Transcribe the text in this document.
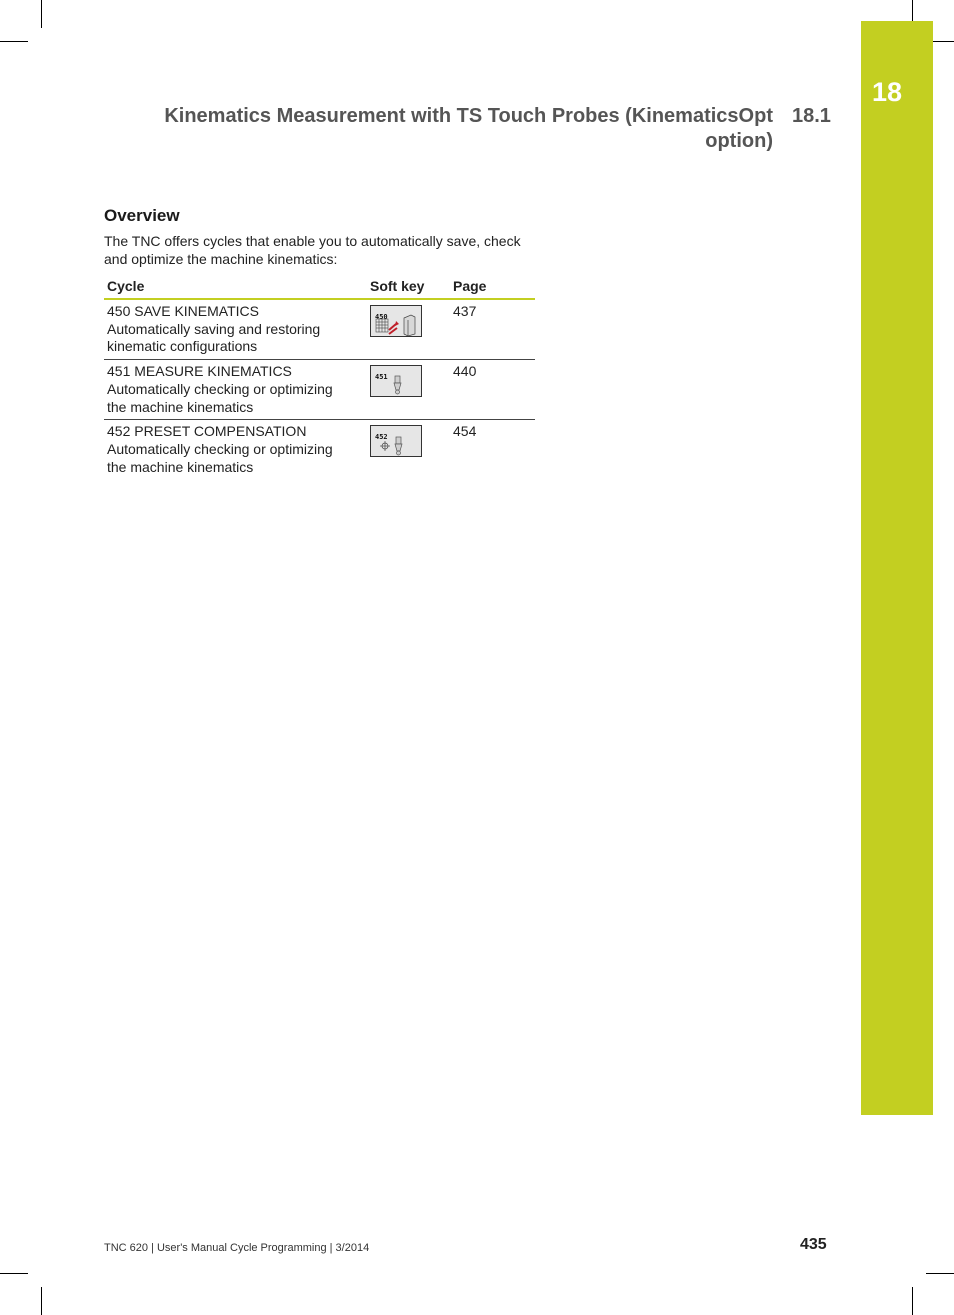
18
Kinematics Measurement with TS Touch Probes (KinematicsOpt
option)
18.1
Overview
The TNC offers cycles that enable you to automatically save, check and optimize the machine kinematics:
Cycle	Soft key	Page

450 SAVE KINEMATICS
Automatically saving and restoring
kinematic configurations	450	437

451 MEASURE KINEMATICS
Automatically checking or optimizing
the machine kinematics	451	440

452 PRESET COMPENSATION
Automatically checking or optimizing
the machine kinematics	452	454
TNC 620 | User's Manual Cycle Programming | 3/2014	435
